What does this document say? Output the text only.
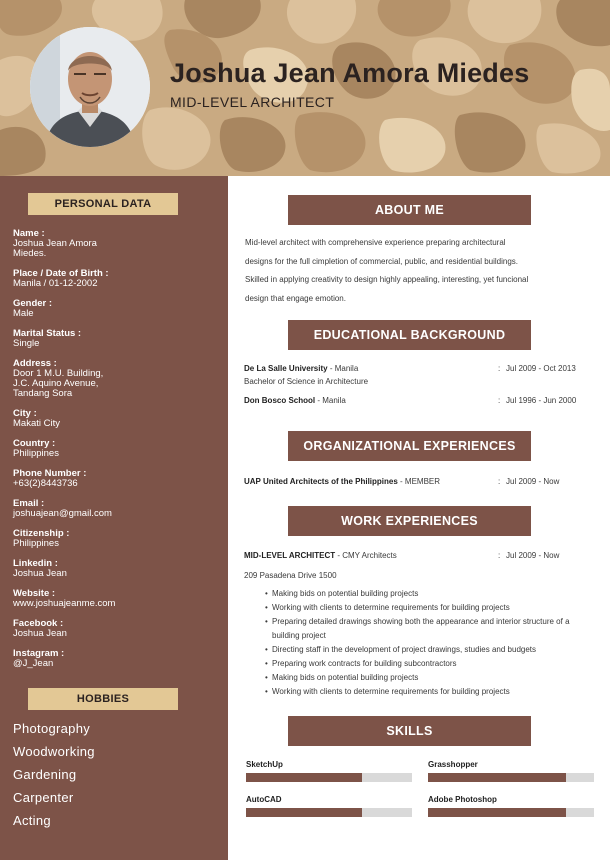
Joshua Jean Amora Miedes
MID-LEVEL ARCHITECT
PERSONAL DATA
Name :
Joshua Jean Amora
Miedes.
Place / Date of Birth :
Manila / 01-12-2002
Gender :
Male
Marital Status :
Single
Address :
Door 1 M.U. Building,
J.C. Aquino Avenue,
Tandang Sora
City :
Makati City
Country :
Philippines
Phone Number :
+63(2)8443736
Email :
joshuajean@gmail.com
Citizenship :
Philippines
Linkedin :
Joshua Jean
Website :
www.joshuajeanme.com
Facebook :
Joshua Jean
Instagram :
@J_Jean
HOBBIES
Photography
Woodworking
Gardening
Carpenter
Acting
ABOUT ME
Mid-level architect with comprehensive experience preparing architectural
designs for the full cimpletion of commercial, public, and residential buildings.
Skilled in applying creativity to design highly appealing, interesting, yet funcional
design that engage emotion.
EDUCATIONAL BACKGROUND
De La Salle University - Manila	: Jul 2009 - Oct 2013
Bachelor of Science in Architecture
Don Bosco School - Manila	: Jul 1996 - Jun 2000
ORGANIZATIONAL EXPERIENCES
UAP United Architects of the Philippines - MEMBER	: Jul 2009 - Now
WORK EXPERIENCES
MID-LEVEL ARCHITECT - CMY Architects	: Jul 2009 - Now
209 Pasadena Drive 1500
• Making bids on potential building projects
• Working with clients to determine requirements for building projects
• Preparing detailed drawings showing both the appearance and interior structure of a building project
• Directing staff in the development of project drawings, studies and budgets
• Preparing work contracts for building subcontractors
• Making bids on potential building projects
• Working with clients to determine requirements for building projects
SKILLS
SketchUp	Grasshopper
AutoCAD	Adobe Photoshop
